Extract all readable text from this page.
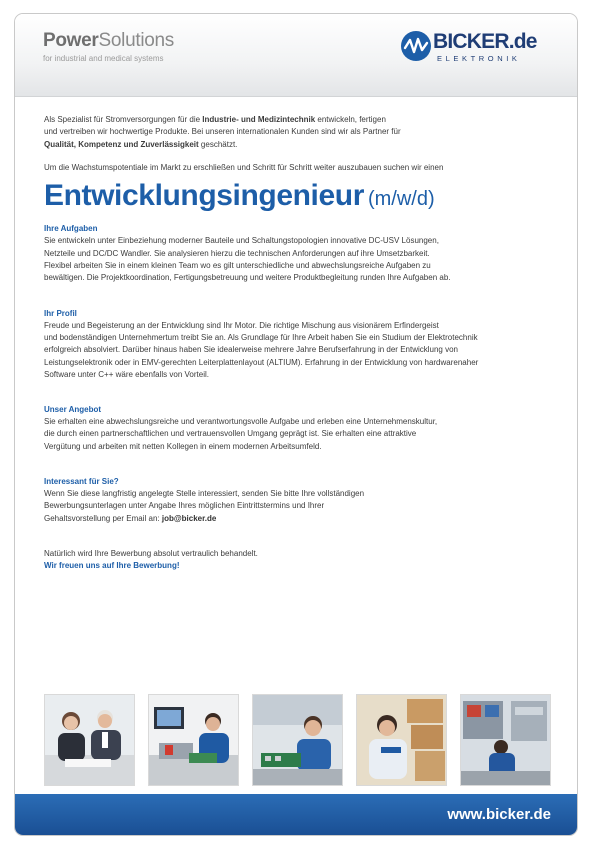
PowerSolutions
for industrial and medical systems
BICKER.de
ELEKTRONIK

Als Spezialist für Stromversorgungen für die Industrie- und Medizintechnik entwickeln, fertigen
und vertreiben wir hochwertige Produkte. Bei unseren internationalen Kunden sind wir als Partner für
Qualität, Kompetenz und Zuverlässigkeit geschätzt.

Um die Wachstumspotentiale im Markt zu erschließen und Schritt für Schritt weiter auszubauen suchen wir einen

Entwicklungsingenieur (m/w/d)
Ihre Aufgaben

Sie entwickeln unter Einbeziehung moderner Bauteile und Schaltungstopologien innovative DC-USV Lösungen,

Netzteile und DC/DC Wandler. Sie analysieren hierzu die technischen Anforderungen auf ihre Umsetzbarkeit.

Flexibel arbeiten Sie in einem kleinen Team wo es gilt unterschiedliche und abwechslungsreiche Aufgaben zu

bewältigen. Die Projektkoordination, Fertigungsbetreuung und weitere Produktbegleitung runden Ihre Aufgaben ab.

Ihr Profil

Freude und Begeisterung an der Entwicklung sind Ihr Motor. Die richtige Mischung aus visionärem Erfindergeist

und bodenständigen Unternehmertum treibt Sie an. Als Grundlage für Ihre Arbeit haben Sie ein Studium der Elektrotechnik

erfolgreich absolviert. Darüber hinaus haben Sie idealerweise mehrere Jahre Berufserfahrung in der Entwicklung von

Leistungselektronik oder in EMV-gerechten Leiterplattenlayout (ALTIUM). Erfahrung in der Entwicklung von hardwarenaher

Software unter C++ wäre ebenfalls von Vorteil.

Unser Angebot

Sie erhalten eine abwechslungsreiche und verantwortungsvolle Aufgabe und erleben eine Unternehmenskultur,

die durch einen partnerschaftlichen und vertrauensvollen Umgang geprägt ist. Sie erhalten eine attraktive

Vergütung und arbeiten mit netten Kollegen in einem modernen Arbeitsumfeld.

Interessant für Sie?

Wenn Sie diese langfristig angelegte Stelle interessiert, senden Sie bitte Ihre vollständigen

Bewerbungsunterlagen unter Angabe Ihres möglichen Eintrittstermins und Ihrer

Gehaltsvorstellung per Email an: job@bicker.de

Natürlich wird Ihre Bewerbung absolut vertraulich behandelt.

Wir freuen uns auf Ihre Bewerbung!

www.bicker.de
